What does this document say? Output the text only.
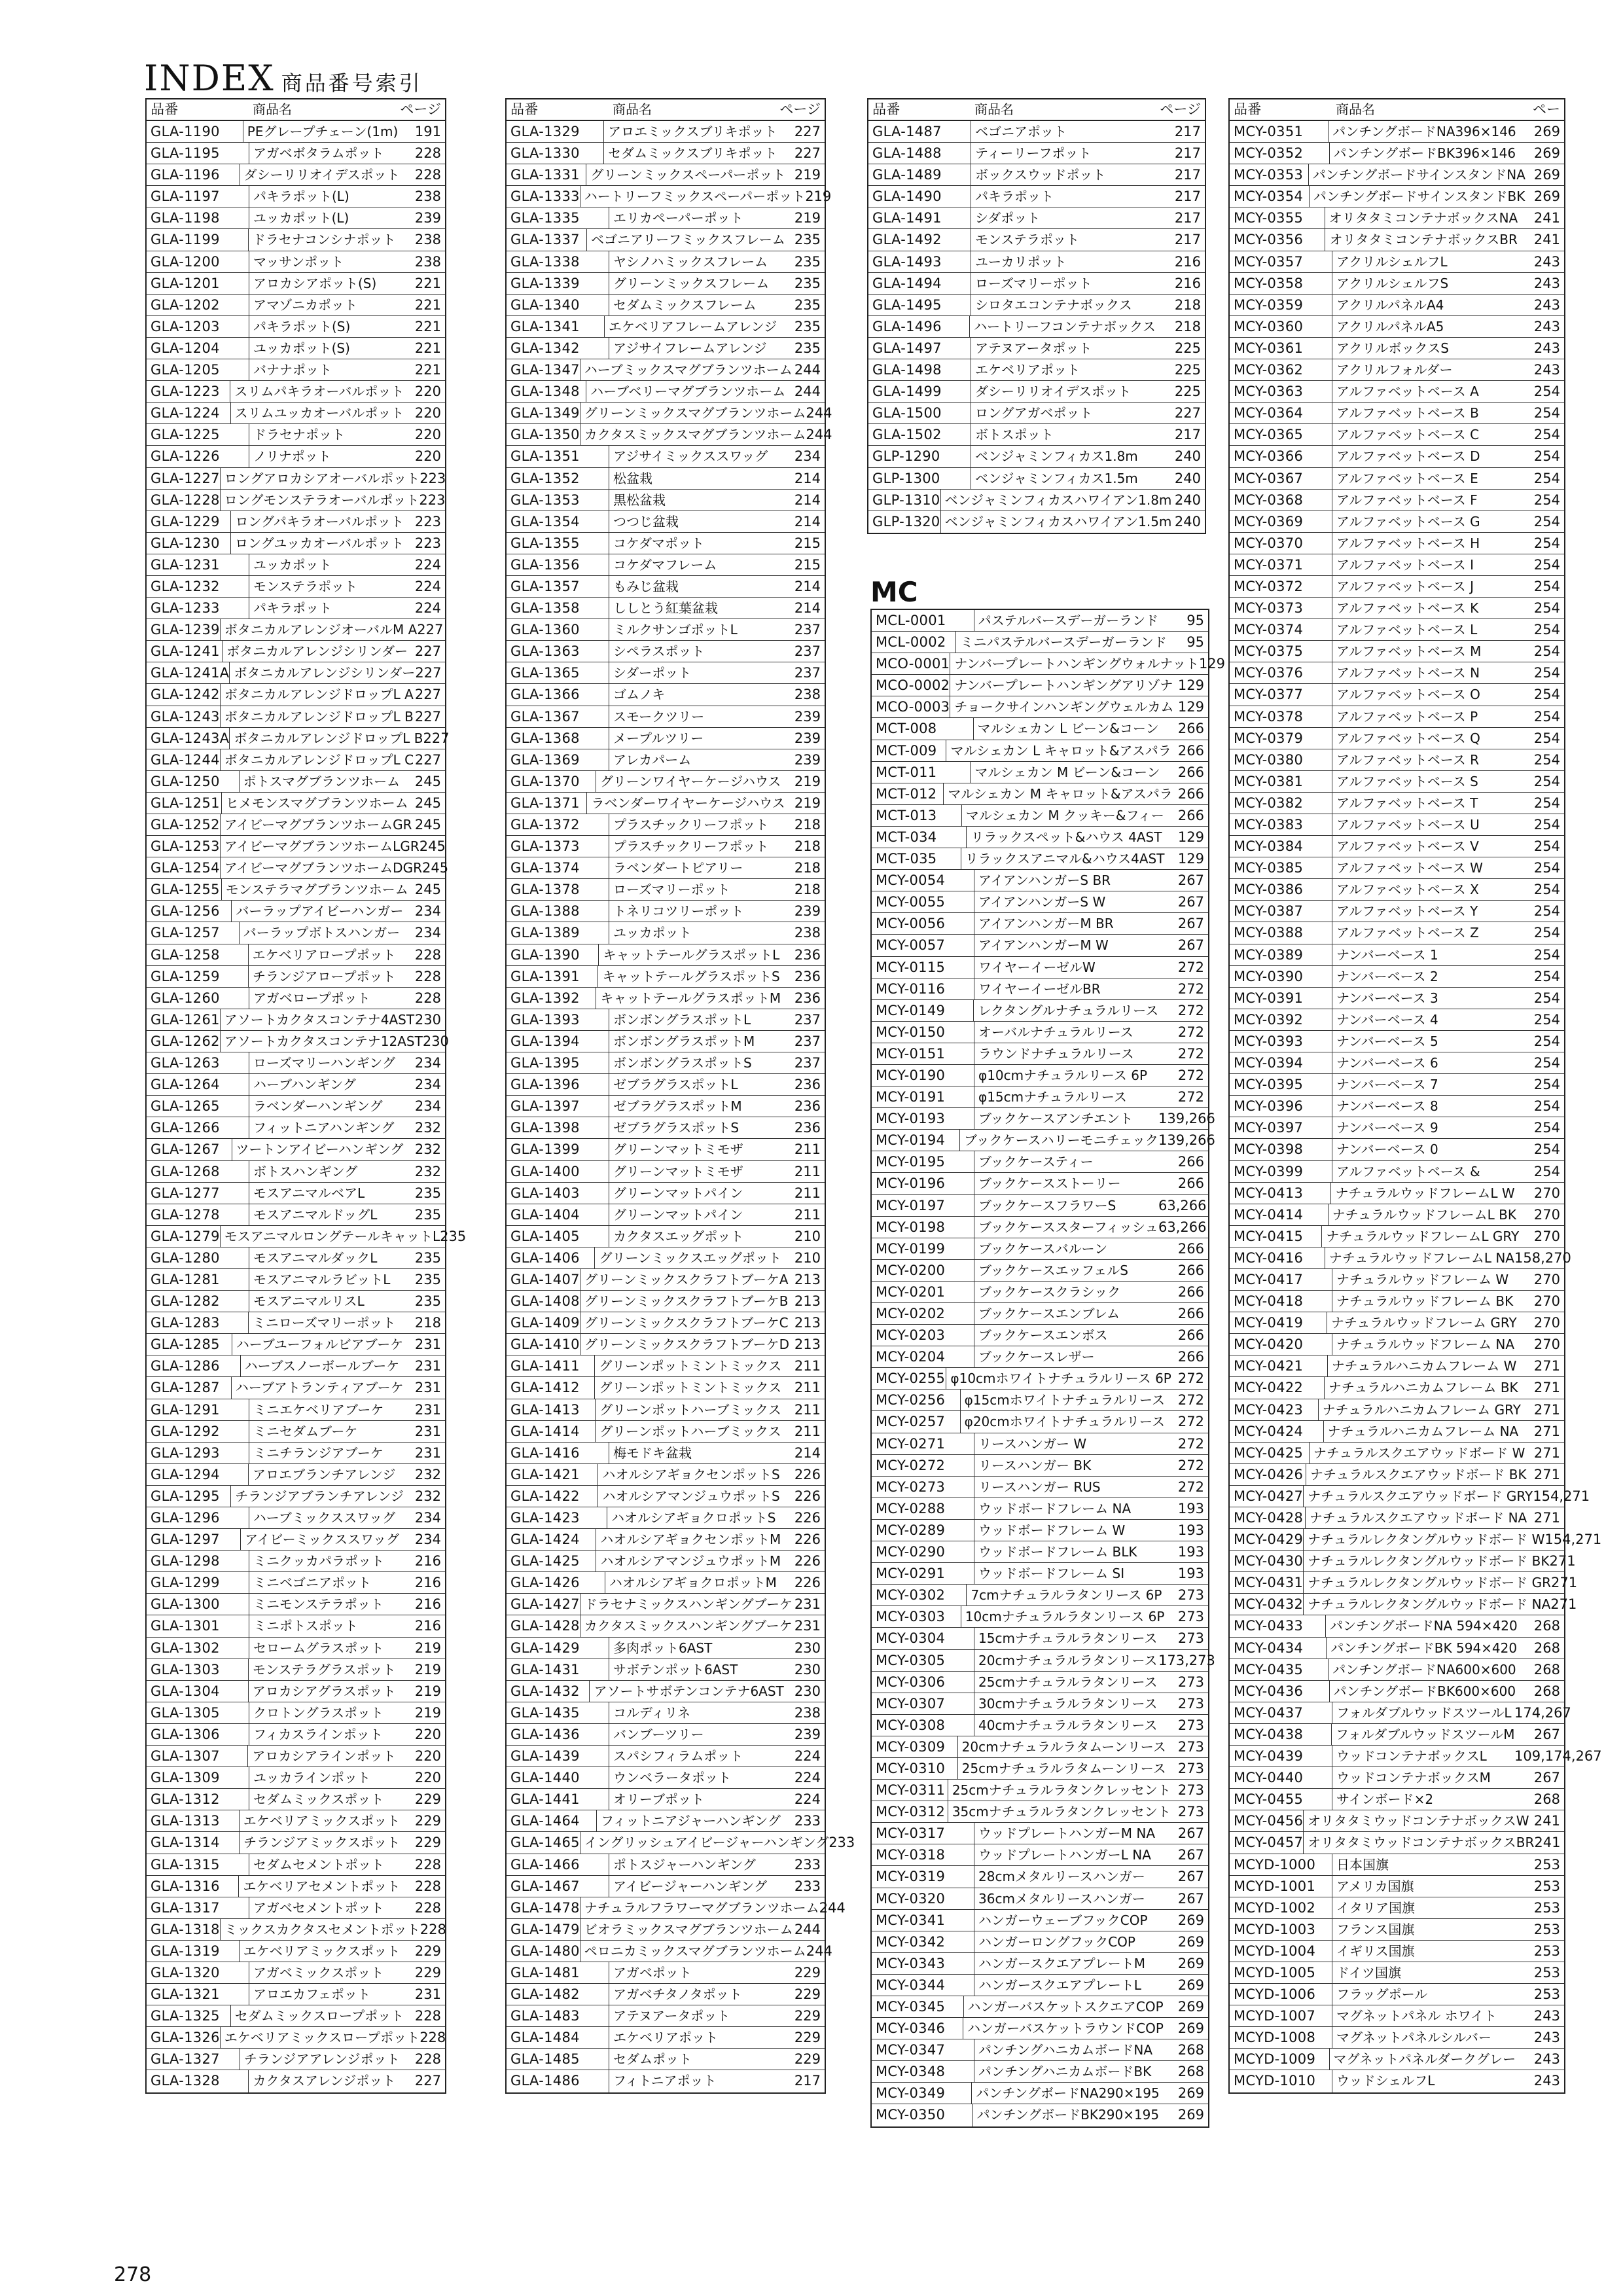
INDEX 商品番号索引
品番	商品名	ページ
GLA-1190	PEグレープチェーン(1m)	191
GLA-1195	アガベボタラムポット	228
GLA-1196	ダシーリリオイデスポット	228
GLA-1197	パキラポット(L)	238
GLA-1198	ユッカポット(L)	239
GLA-1199	ドラセナコンシナポット	238
GLA-1200	マッサンポット	238
GLA-1201	アロカシアポット(S)	221
GLA-1202	アマゾニカポット	221
GLA-1203	パキラポット(S)	221
GLA-1204	ユッカポット(S)	221
GLA-1205	バナナポット	221
GLA-1223	スリムパキラオーバルポット 220
GLA-1224	スリムユッカオーバルポット 220
GLA-1225	ドラセナポット	220
GLA-1226	ノリナポット	220
GLA-1227 ロングアロカシアオーバルポット 223
GLA-1228 ロングモンステラオーバルポット 223
GLA-1229	ロングパキラオーバルポット 223
GLA-1230	ロングユッカオーバルポット 223
GLA-1231	ユッカポット	224
GLA-1232	モンステラポット	224
GLA-1233	パキラポット	224
GLA-1239 ボタニカルアレンジオーバルM A 227
GLA-1241 ボタニカルアレンジシリンダー 227
GLA-1241A ボタニカルアレンジシリンダー 227
GLA-1242 ボタニカルアレンジドロップL A 227
GLA-1243 ボタニカルアレンジドロップL B 227
GLA-1243A ボタニカルアレンジドロップL B 227
GLA-1244 ボタニカルアレンジドロップL C 227
GLA-1250	ポトスマグブランツホーム	245
GLA-1251 ヒメモンスマグブランツホーム 245
GLA-1252 アイビーマグブランツホームGR 245
GLA-1253 アイビーマグブランツホームLGR 245
GLA-1254 アイビーマグブランツホームDGR 245
GLA-1255 モンステラマグブランツホーム 245
GLA-1256	バーラップアイビーハンガー 234
GLA-1257	バーラップボトスハンガー	234
GLA-1258	エケベリアロープポット	228
GLA-1259	チランジアロープポット	228
GLA-1260	アガベロープポット	228
GLA-1261 アソートカクタスコンテナ4AST 230
GLA-1262 アソートカクタスコンテナ12AST 230
GLA-1263	ローズマリーハンギング	234
GLA-1264	ハーブハンギング	234
GLA-1265	ラベンダーハンギング	234
GLA-1266	フィットニアハンギング	232
GLA-1267	ツートンアイビーハンギング 232
GLA-1268	ボトスハンギング	232
GLA-1277	モスアニマルベアL	235
GLA-1278	モスアニマルドッグL	235
GLA-1279 モスアニマルロングテールキャットL 235
GLA-1280	モスアニマルダックL	235
GLA-1281	モスアニマルラビットL	235
GLA-1282	モスアニマルリスL	235
GLA-1283	ミニローズマリーポット	218
GLA-1285	ハーブユーフォルビアブーケ 231
GLA-1286	ハーブスノーボールブーケ	231
GLA-1287	ハーブアトランティアブーケ 231
GLA-1291	ミニエケベリアブーケ	231
GLA-1292	ミニセダムブーケ	231
GLA-1293	ミニチランジアブーケ	231
GLA-1294	アロエブランチアレンジ	232
GLA-1295	チランジアブランチアレンジ 232
GLA-1296	ハーブミックススワッグ	234
GLA-1297	アイビーミックススワッグ	234
GLA-1298	ミニクッカパラポット	216
GLA-1299	ミニベゴニアポット	216
GLA-1300	ミニモンステラポット	216
GLA-1301	ミニポトスポット	216
GLA-1302	セロームグラスポット	219
GLA-1303	モンステラグラスポット	219
GLA-1304	アロカシアグラスポット	219
GLA-1305	クロトングラスポット	219
GLA-1306	フィカスラインポット	220
GLA-1307	アロカシアラインポット	220
GLA-1309	ユッカラインポット	220
GLA-1312	セダムミックスポット	229
GLA-1313	エケベリアミックスポット	229
GLA-1314	チランジアミックスポット	229
GLA-1315	セダムセメントポット	228
GLA-1316	エケベリアセメントポット	228
GLA-1317	アガベセメントポット	228
GLA-1318 ミックスカクタスセメントポット 228
GLA-1319	エケベリアミックスポット	229
GLA-1320	アガベミックスポット	229
GLA-1321	アロエカフェポット	231
GLA-1325	セダムミックスロープポット 228
GLA-1326 エケベリアミックスロープポット 228
GLA-1327	チランジアアレンジポット	228
GLA-1328	カクタスアレンジポット	227
品番	商品名	ページ
GLA-1329	アロエミックスブリキポット	227
GLA-1330	セダムミックスブリキポット	227
GLA-1331 グリーンミックスペーパーポット 219
GLA-1333 ハートリーフミックスペーパーポット 219
GLA-1335	エリカペーパーポット	219
GLA-1337 ベゴニアリーフミックスフレーム 235
GLA-1338	ヤシノハミックスフレーム	235
GLA-1339	グリーンミックスフレーム	235
GLA-1340	セダムミックスフレーム	235
GLA-1341	エケベリアフレームアレンジ	235
GLA-1342	アジサイフレームアレンジ	235
GLA-1347 ハーブミックスマグブランツホーム 244
GLA-1348 ハーブベリーマグブランツホーム 244
GLA-1349 グリーンミックスマグブランツホーム 244
GLA-1350 カクタスミックスマグブランツホーム 244
GLA-1351	アジサイミックススワッグ	234
GLA-1352	松盆栽	214
GLA-1353	黒松盆栽	214
GLA-1354	つつじ盆栽	214
GLA-1355	コケダマポット	215
GLA-1356	コケダマフレーム	215
GLA-1357	もみじ盆栽	214
GLA-1358	ししとう紅葉盆栽	214
GLA-1360	ミルクサンゴポットL	237
GLA-1363	シペラスポット	237
GLA-1365	シダーポット	237
GLA-1366	ゴムノキ	238
GLA-1367	スモークツリー	239
GLA-1368	メープルツリー	239
GLA-1369	アレカパーム	239
GLA-1370	グリーンワイヤーケージハウス 219
GLA-1371 ラベンダーワイヤーケージハウス 219
GLA-1372	プラスチックリーフポット	218
GLA-1373	プラスチックリーフポット	218
GLA-1374	ラベンダートピアリー	218
GLA-1378	ローズマリーポット	218
GLA-1388	トネリコツリーポット	239
GLA-1389	ユッカポット	238
GLA-1390	キャットテールグラスポットL	236
GLA-1391	キャットテールグラスポットS	236
GLA-1392	キャットテールグラスポットM 236
GLA-1393	ボンボングラスポットL	237
GLA-1394	ボンボングラスポットM	237
GLA-1395	ボンボングラスポットS	237
GLA-1396	ゼブラグラスポットL	236
GLA-1397	ゼブラグラスポットM	236
GLA-1398	ゼブラグラスポットS	236
GLA-1399	グリーンマットミモザ	211
GLA-1400	グリーンマットミモザ	211
GLA-1403	グリーンマットパイン	211
GLA-1404	グリーンマットパイン	211
GLA-1405	カクタスエッグポット	210
GLA-1406	グリーンミックスエッグポット 210
GLA-1407 グリーンミックスクラフトブーケA 213
GLA-1408 グリーンミックスクラフトブーケB 213
GLA-1409 グリーンミックスクラフトブーケC 213
GLA-1410 グリーンミックスクラフトブーケD 213
GLA-1411	グリーンポットミントミックス 211
GLA-1412	グリーンポットミントミックス 211
GLA-1413	グリーンポットハーブミックス 211
GLA-1414	グリーンポットハーブミックス 211
GLA-1416	梅モドキ盆栽	214
GLA-1421	ハオルシアギョクセンポットS	226
GLA-1422	ハオルシアマンジュウポットS	226
GLA-1423	ハオルシアギョクロポットS	226
GLA-1424	ハオルシアギョクセンポットM 226
GLA-1425	ハオルシアマンジュウポットM 226
GLA-1426	ハオルシアギョクロポットM	226
GLA-1427 ドラセナミックスハンギングブーケ 231
GLA-1428 カクタスミックスハンギングブーケ 231
GLA-1429	多肉ポット6AST	230
GLA-1431	サボテンポット6AST	230
GLA-1432	アソートサボテンコンテナ6AST 230
GLA-1435	コルディリネ	238
GLA-1436	バンブーツリー	239
GLA-1439	スパシフィラムポット	224
GLA-1440	ウンベラータポット	224
GLA-1441	オリーブポット	224
GLA-1464	フィットニアジャーハンギング	233
GLA-1465 イングリッシュアイビージャーハンギング 233
GLA-1466	ポトスジャーハンギング	233
GLA-1467	アイビージャーハンギング	233
GLA-1478 ナチュラルフラワーマグブランツホーム 244
GLA-1479 ビオラミックスマグブランツホーム 244
GLA-1480 ペロニカミックスマグブランツホーム 244
GLA-1481	アガベポット	229
GLA-1482	アガベチタノタポット	229
GLA-1483	アテヌアータポット	229
GLA-1484	エケベリアポット	229
GLA-1485	セダムポット	229
GLA-1486	フィトニアポット	217
品番	商品名	ページ
GLA-1487	ベゴニアポット	217
GLA-1488	ティーリーフポット	217
GLA-1489	ボックスウッドポット	217
GLA-1490	パキラポット	217
GLA-1491	シダポット	217
GLA-1492	モンステラポット	217
GLA-1493	ユーカリポット	216
GLA-1494	ローズマリーポット	216
GLA-1495	シロタエコンテナボックス	218
GLA-1496	ハートリーフコンテナボックス	218
GLA-1497	アテヌアータポット	225
GLA-1498	エケベリアポット	225
GLA-1499	ダシーリリオイデスポット	225
GLA-1500	ロングアガベポット	227
GLA-1502	ボトスポット	217
GLP-1290	ベンジャミンフィカス1.8m	240
GLP-1300	ベンジャミンフィカス1.5m	240
GLP-1310 ベンジャミンフィカスハワイアン1.8m 240
GLP-1320 ベンジャミンフィカスハワイアン1.5m 240
MC
MCL-0001	パステルバースデーガーランド	95
MCL-0002	ミニパステルバースデーガーランド	95
MCO-0001 ナンバープレートハンギングウォルナット 129
MCO-0002 ナンバープレートハンギングアリゾナ 129
MCO-0003 チョークサインハンギングウェルカム 129
MCT-008	マルシェカン L ビーン&コーン	266
MCT-009	マルシェカン L キャロット&アスパラ 266
MCT-011	マルシェカン M ビーン&コーン	266
MCT-012 マルシェカン M キャロット&アスパラ 266
MCT-013	マルシェカン M クッキー&フィー 266
MCT-034	リラックスペット&ハウス 4AST	129
MCT-035	リラックスアニマル&ハウス4AST 129
MCY-0054	アイアンハンガーS BR	267
MCY-0055	アイアンハンガーS W	267
MCY-0056	アイアンハンガーM BR	267
MCY-0057	アイアンハンガーM W	267
MCY-0115	ワイヤーイーゼルW	272
MCY-0116	ワイヤーイーゼルBR	272
MCY-0149	レクタングルナチュラルリース	272
MCY-0150	オーバルナチュラルリース	272
MCY-0151	ラウンドナチュラルリース	272
MCY-0190	φ10cmナチュラルリース 6P	272
MCY-0191	φ15cmナチュラルリース	272
MCY-0193	ブックケースアンチエント	139,266
MCY-0194	ブックケースハリーモニチェック 139,266
MCY-0195	ブックケースティー	266
MCY-0196	ブックケースストーリー	266
MCY-0197	ブックケースフラワーS	63,266
MCY-0198	ブックケーススターフィッシュ 63,266
MCY-0199	ブックケースバルーン	266
MCY-0200	ブックケースエッフェルS	266
MCY-0201	ブックケースクラシック	266
MCY-0202	ブックケースエンブレム	266
MCY-0203	ブックケースエンボス	266
MCY-0204	ブックケースレザー	266
MCY-0255 φ10cmホワイトナチュラルリース 6P 272
MCY-0256	φ15cmホワイトナチュラルリース 272
MCY-0257	φ20cmホワイトナチュラルリース 272
MCY-0271	リースハンガー W	272
MCY-0272	リースハンガー BK	272
MCY-0273	リースハンガー RUS	272
MCY-0288	ウッドボードフレーム NA	193
MCY-0289	ウッドボードフレーム W	193
MCY-0290	ウッドボードフレーム BLK	193
MCY-0291	ウッドボードフレーム SI	193
MCY-0302	7cmナチュラルラタンリース 6P	273
MCY-0303	10cmナチュラルラタンリース 6P 273
MCY-0304	15cmナチュラルラタンリース	273
MCY-0305	20cmナチュラルラタンリース 173,273
MCY-0306	25cmナチュラルラタンリース	273
MCY-0307	30cmナチュラルラタンリース	273
MCY-0308	40cmナチュラルラタンリース	273
MCY-0309	20cmナチュラルラタムーンリース 273
MCY-0310	25cmナチュラルラタムーンリース 273
MCY-0311 25cmナチュラルラタンクレッセント 273
MCY-0312 35cmナチュラルラタンクレッセント 273
MCY-0317	ウッドプレートハンガーM NA	267
MCY-0318	ウッドプレートハンガーL NA	267
MCY-0319	28cmメタルリースハンガー	267
MCY-0320	36cmメタルリースハンガー	267
MCY-0341	ハンガーウェーブフックCOP	269
MCY-0342	ハンガーロングフックCOP	269
MCY-0343	ハンガースクエアプレートM	269
MCY-0344	ハンガースクエアプレートL	269
MCY-0345	ハンガーバスケットスクエアCOP	269
MCY-0346	ハンガーバスケットラウンドCOP	269
MCY-0347	パンチングハニカムボードNA	268
MCY-0348	パンチングハニカムボードBK	268
MCY-0349	パンチングボードNA290×195	269
MCY-0350	パンチングボードBK290×195	269
品番	商品名	ペー
MCY-0351	パンチングボードNA396×146	269
MCY-0352	パンチングボードBK396×146	269
MCY-0353 パンチングボードサインスタンドNA 269
MCY-0354 パンチングボードサインスタンドBK 269
MCY-0355	オリタタミコンテナボックスNA	241
MCY-0356	オリタタミコンテナボックスBR	241
MCY-0357	アクリルシェルフL	243
MCY-0358	アクリルシェルフS	243
MCY-0359	アクリルパネルA4	243
MCY-0360	アクリルパネルA5	243
MCY-0361	アクリルボックスS	243
MCY-0362	アクリルフォルダー	243
MCY-0363	アルファベットベース A	254
MCY-0364	アルファベットベース B	254
MCY-0365	アルファベットベース C	254
MCY-0366	アルファベットベース D	254
MCY-0367	アルファベットベース E	254
MCY-0368	アルファベットベース F	254
MCY-0369	アルファベットベース G	254
MCY-0370	アルファベットベース H	254
MCY-0371	アルファベットベース I	254
MCY-0372	アルファベットベース J	254
MCY-0373	アルファベットベース K	254
MCY-0374	アルファベットベース L	254
MCY-0375	アルファベットベース M	254
MCY-0376	アルファベットベース N	254
MCY-0377	アルファベットベース O	254
MCY-0378	アルファベットベース P	254
MCY-0379	アルファベットベース Q	254
MCY-0380	アルファベットベース R	254
MCY-0381	アルファベットベース S	254
MCY-0382	アルファベットベース T	254
MCY-0383	アルファベットベース U	254
MCY-0384	アルファベットベース V	254
MCY-0385	アルファベットベース W	254
MCY-0386	アルファベットベース X	254
MCY-0387	アルファベットベース Y	254
MCY-0388	アルファベットベース Z	254
MCY-0389	ナンバーベース 1	254
MCY-0390	ナンバーベース 2	254
MCY-0391	ナンバーベース 3	254
MCY-0392	ナンバーベース 4	254
MCY-0393	ナンバーベース 5	254
MCY-0394	ナンバーベース 6	254
MCY-0395	ナンバーベース 7	254
MCY-0396	ナンバーベース 8	254
MCY-0397	ナンバーベース 9	254
MCY-0398	ナンバーベース 0	254
MCY-0399	アルファベットベース &	254
MCY-0413	ナチュラルウッドフレームL W	270
MCY-0414	ナチュラルウッドフレームL BK	270
MCY-0415	ナチュラルウッドフレームL GRY	270
MCY-0416	ナチュラルウッドフレームL NA 158,270
MCY-0417	ナチュラルウッドフレーム W	270
MCY-0418	ナチュラルウッドフレーム BK	270
MCY-0419	ナチュラルウッドフレーム GRY	270
MCY-0420	ナチュラルウッドフレーム NA	270
MCY-0421	ナチュラルハニカムフレーム W	271
MCY-0422	ナチュラルハニカムフレーム BK	271
MCY-0423	ナチュラルハニカムフレーム GRY 271
MCY-0424	ナチュラルハニカムフレーム NA	271
MCY-0425 ナチュラルスクエアウッドボード W 271
MCY-0426 ナチュラルスクエアウッドボード BK 271
MCY-0427 ナチュラルスクエアウッドボード GRY 154,271
MCY-0428 ナチュラルスクエアウッドボード NA 271
MCY-0429 ナチュラルレクタングルウッドボード W 154,271
MCY-0430 ナチュラルレクタングルウッドボード BK 271
MCY-0431 ナチュラルレクタングルウッドボード GR 271
MCY-0432 ナチュラルレクタングルウッドボード NA 271
MCY-0433	パンチングボードNA 594×420	268
MCY-0434	パンチングボードBK 594×420	268
MCY-0435	パンチングボードNA600×600	268
MCY-0436	パンチングボードBK600×600	268
MCY-0437	フォルダブルウッドスツールL 174,267
MCY-0438	フォルダブルウッドスツールM	267
MCY-0439	ウッドコンテナボックスL	109,174,267
MCY-0440	ウッドコンテナボックスM	267
MCY-0455	サインボード×2	268
MCY-0456 オリタタミウッドコンテナボックスW 241
MCY-0457 オリタタミウッドコンテナボックスBR 241
MCYD-1000	日本国旗	253
MCYD-1001	アメリカ国旗	253
MCYD-1002	イタリア国旗	253
MCYD-1003	フランス国旗	253
MCYD-1004	イギリス国旗	253
MCYD-1005	ドイツ国旗	253
MCYD-1006	フラッグポール	253
MCYD-1007	マグネットパネル ホワイト	243
MCYD-1008	マグネットパネルシルバー	243
MCYD-1009	マグネットパネルダークグレー	243
MCYD-1010	ウッドシェルフL	243
278
